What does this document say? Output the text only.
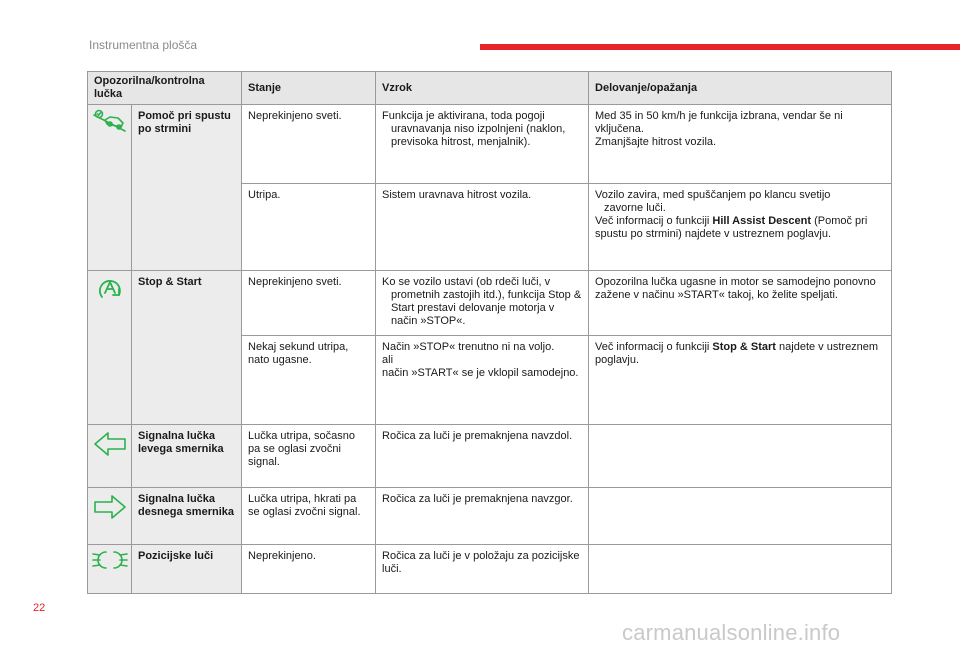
Instrumentna plošča
Opozorilna/kontrolna lučka		Stanje	Vzrok	Delovanje/opažanja
	Pomoč pri spustu po strmini	Neprekinjeno sveti.	Funkcija je aktivirana, toda pogoji
uravnavanja niso izpolnjeni (naklon, previsoka hitrost, menjalnik).	Med 35 in 50 km/h je funkcija izbrana, vendar še ni vključena.
Zmanjšajte hitrost vozila.

		Utripa.	Sistem uravnava hitrost vozila.	Vozilo zavira, med spuščanjem po klancu svetijo
zavorne luči.
Več informacij o funkciji Hill Assist Descent (Pomoč pri spustu po strmini) najdete v ustreznem poglavju.

	Stop & Start	Neprekinjeno sveti.	Ko se vozilo ustavi (ob rdeči luči, v
prometnih zastojih itd.), funkcija Stop & Start prestavi delovanje motorja v način »STOP«.	Opozorilna lučka ugasne in motor se samodejno ponovno zažene v načinu »START« takoj, ko želite speljati.

		Nekaj sekund utripa,
nato ugasne.	Način »STOP« trenutno ni na voljo.
ali
način »START« se je vklopil samodejno.	Več informacij o funkciji Stop & Start najdete v ustreznem poglavju.
	Signalna lučka levega smernika	Lučka utripa, sočasno pa se oglasi zvočni signal.	Ročica za luči je premaknjena navzdol.	
	Signalna lučka desnega smernika	Lučka utripa, hkrati pa se oglasi zvočni signal.	Ročica za luči je premaknjena navzgor.	
	Pozicijske luči	Neprekinjeno.	Ročica za luči je v položaju za pozicijske luči.	
22
carmanualsonline.info
